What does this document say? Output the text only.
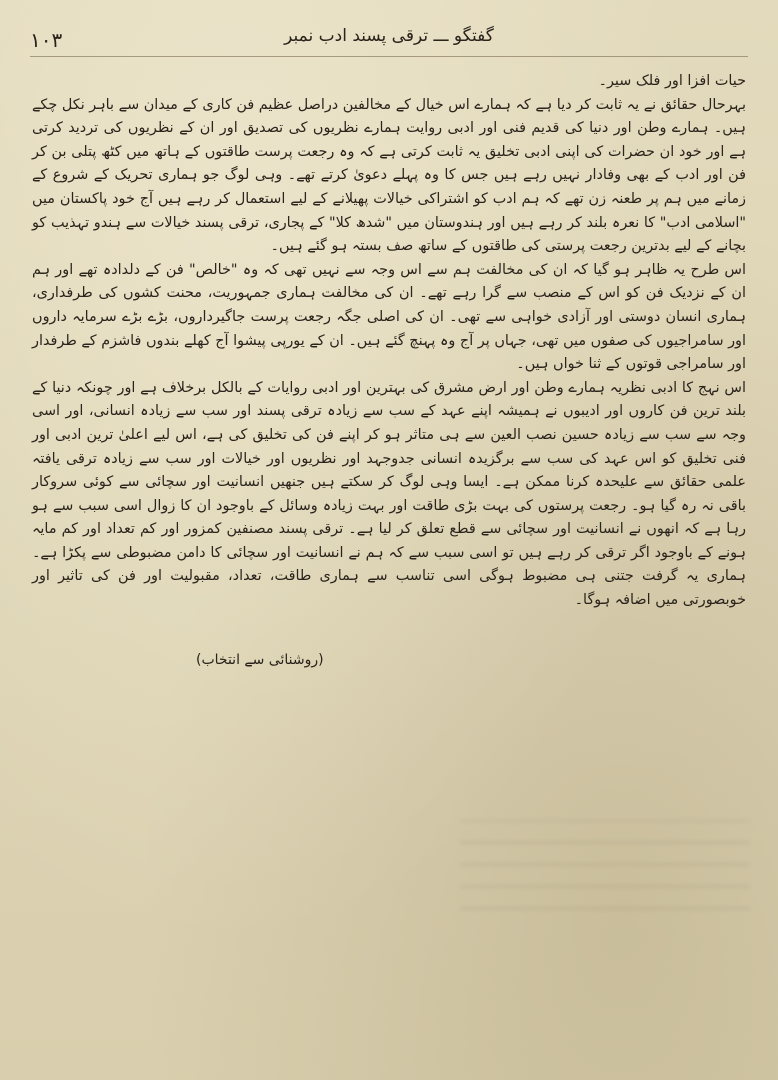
۱۰۳	گفتگو ـــ ترقی پسند ادب نمبر

حیات افزا اور فلک سیر۔

بہرحال حقائق نے یہ ثابت کر دیا ہے کہ ہمارے اس خیال کے مخالفین دراصل عظیم فن کاری کے میدان سے باہر نکل چکے ہیں۔ ہمارے وطن اور دنیا کی قدیم فنی اور ادبی روایت ہمارے نظریوں کی تصدیق اور ان کے نظریوں کی تردید کرتی ہے اور خود ان حضرات کی اپنی ادبی تخلیق یہ ثابت کرتی ہے کہ وہ رجعت پرست طاقتوں کے ہاتھ میں کٹھ پتلی بن کر فن اور ادب کے بھی وفادار نہیں رہے ہیں جس کا وہ پہلے دعویٰ کرتے تھے۔ وہی لوگ جو ہماری تحریک کے شروع کے زمانے میں ہم پر طعنہ زن تھے کہ ہم ادب کو اشتراکی خیالات پھیلانے کے لیے استعمال کر رہے ہیں آج خود پاکستان میں "اسلامی ادب" کا نعرہ بلند کر رہے ہیں اور ہندوستان میں "شدھ کلا" کے پجاری، ترقی پسند خیالات سے ہندو تہذیب کو بچانے کے لیے بدترین رجعت پرستی کی طاقتوں کے ساتھ صف بستہ ہو گئے ہیں۔

اس طرح یہ ظاہر ہو گیا کہ ان کی مخالفت ہم سے اس وجہ سے نہیں تھی کہ وہ "خالص" فن کے دلدادہ تھے اور ہم ان کے نزدیک فن کو اس کے منصب سے گرا رہے تھے۔ ان کی مخالفت ہماری جمہوریت، محنت کشوں کی طرفداری، ہماری انسان دوستی اور آزادی خواہی سے تھی۔ ان کی اصلی جگہ رجعت پرست جاگیرداروں، بڑے بڑے سرمایہ داروں اور سامراجیوں کی صفوں میں تھی، جہاں پر آج وہ پہنچ گئے ہیں۔ ان کے یورپی پیشوا آج کھلے بندوں فاشزم کے طرفدار اور سامراجی قوتوں کے ثنا خواں ہیں۔

اس نہج کا ادبی نظریہ ہمارے وطن اور ارض مشرق کی بہترین اور ادبی روایات کے بالکل برخلاف ہے اور چونکہ دنیا کے بلند ترین فن کاروں اور ادیبوں نے ہمیشہ اپنے عہد کے سب سے زیادہ ترقی پسند اور سب سے زیادہ انسانی، اور اسی وجہ سے سب سے زیادہ حسین نصب العین سے ہی متاثر ہو کر اپنے فن کی تخلیق کی ہے، اس لیے اعلیٰ ترین ادبی اور فنی تخلیق کو اس عہد کی سب سے برگزیدہ انسانی جدوجہد اور نظریوں اور خیالات اور سب سے زیادہ ترقی یافتہ علمی حقائق سے علیحدہ کرنا ممکن ہے۔ ایسا وہی لوگ کر سکتے ہیں جنھیں انسانیت اور سچائی سے کوئی سروکار باقی نہ رہ گیا ہو۔ رجعت پرستوں کی بہت بڑی طاقت اور بہت زیادہ وسائل کے باوجود ان کا زوال اسی سبب سے ہو رہا ہے کہ انھوں نے انسانیت اور سچائی سے قطع تعلق کر لیا ہے۔ ترقی پسند مصنفین کمزور اور کم تعداد اور کم مایہ ہونے کے باوجود اگر ترقی کر رہے ہیں تو اسی سبب سے کہ ہم نے انسانیت اور سچائی کا دامن مضبوطی سے پکڑا ہے۔ ہماری یہ گرفت جتنی ہی مضبوط ہوگی اسی تناسب سے ہماری طاقت، تعداد، مقبولیت اور فن کی تاثیر اور خوبصورتی میں اضافہ ہوگا۔

(روشنائی سے انتخاب)
